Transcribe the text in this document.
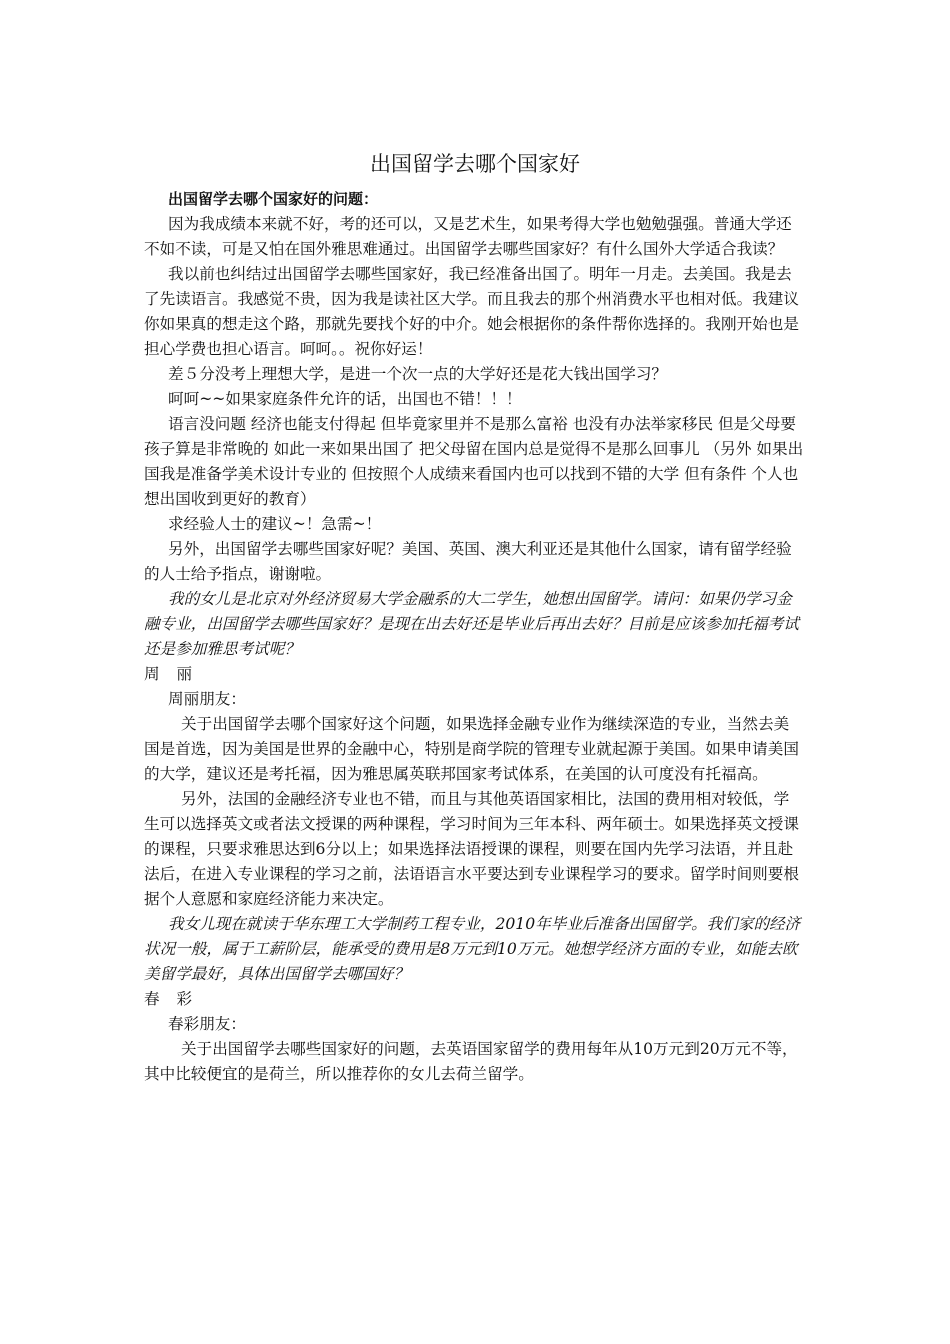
出国留学去哪个国家好

出国留学去哪个国家好的问题：

因为我成绩本来就不好，考的还可以，又是艺术生，如果考得大学也勉勉强强。普通大学还不如不读，可是又怕在国外雅思难通过。出国留学去哪些国家好？有什么国外大学适合我读？

我以前也纠结过出国留学去哪些国家好，我已经准备出国了。明年一月走。去美国。我是去了先读语言。我感觉不贵，因为我是读社区大学。而且我去的那个州消费水平也相对低。我建议你如果真的想走这个路，那就先要找个好的中介。她会根据你的条件帮你选择的。我刚开始也是担心学费也担心语言。呵呵。。祝你好运！

差５分没考上理想大学，是进一个次一点的大学好还是花大钱出国学习？

呵呵~~如果家庭条件允许的话，出国也不错！！！

语言没问题 经济也能支付得起 但毕竟家里并不是那么富裕 也没有办法举家移民 但是父母要孩子算是非常晚的 如此一来如果出国了 把父母留在国内总是觉得不是那么回事儿 （另外 如果出国我是准备学美术设计专业的 但按照个人成绩来看国内也可以找到不错的大学 但有条件 个人也想出国收到更好的教育）

求经验人士的建议~！急需~！

另外，出国留学去哪些国家好呢？美国、英国、澳大利亚还是其他什么国家，请有留学经验的人士给予指点，谢谢啦。

我的女儿是北京对外经济贸易大学金融系的大二学生，她想出国留学。请问：如果仍学习金融专业，出国留学去哪些国家好？是现在出去好还是毕业后再出去好？目前是应该参加托福考试还是参加雅思考试呢？

周 丽

周丽朋友：

关于出国留学去哪个国家好这个问题，如果选择金融专业作为继续深造的专业，当然去美国是首选，因为美国是世界的金融中心，特别是商学院的管理专业就起源于美国。如果申请美国的大学，建议还是考托福，因为雅思属英联邦国家考试体系，在美国的认可度没有托福高。

另外，法国的金融经济专业也不错，而且与其他英语国家相比，法国的费用相对较低，学生可以选择英文或者法文授课的两种课程，学习时间为三年本科、两年硕士。如果选择英文授课的课程，只要求雅思达到6分以上；如果选择法语授课的课程，则要在国内先学习法语，并且赴法后，在进入专业课程的学习之前，法语语言水平要达到专业课程学习的要求。留学时间则要根据个人意愿和家庭经济能力来决定。

我女儿现在就读于华东理工大学制药工程专业，2010年毕业后准备出国留学。我们家的经济状况一般，属于工薪阶层，能承受的费用是8万元到10万元。她想学经济方面的专业，如能去欧美留学最好，具体出国留学去哪国好？

春 彩

春彩朋友：

关于出国留学去哪些国家好的问题，去英语国家留学的费用每年从10万元到20万元不等，其中比较便宜的是荷兰，所以推荐你的女儿去荷兰留学。
